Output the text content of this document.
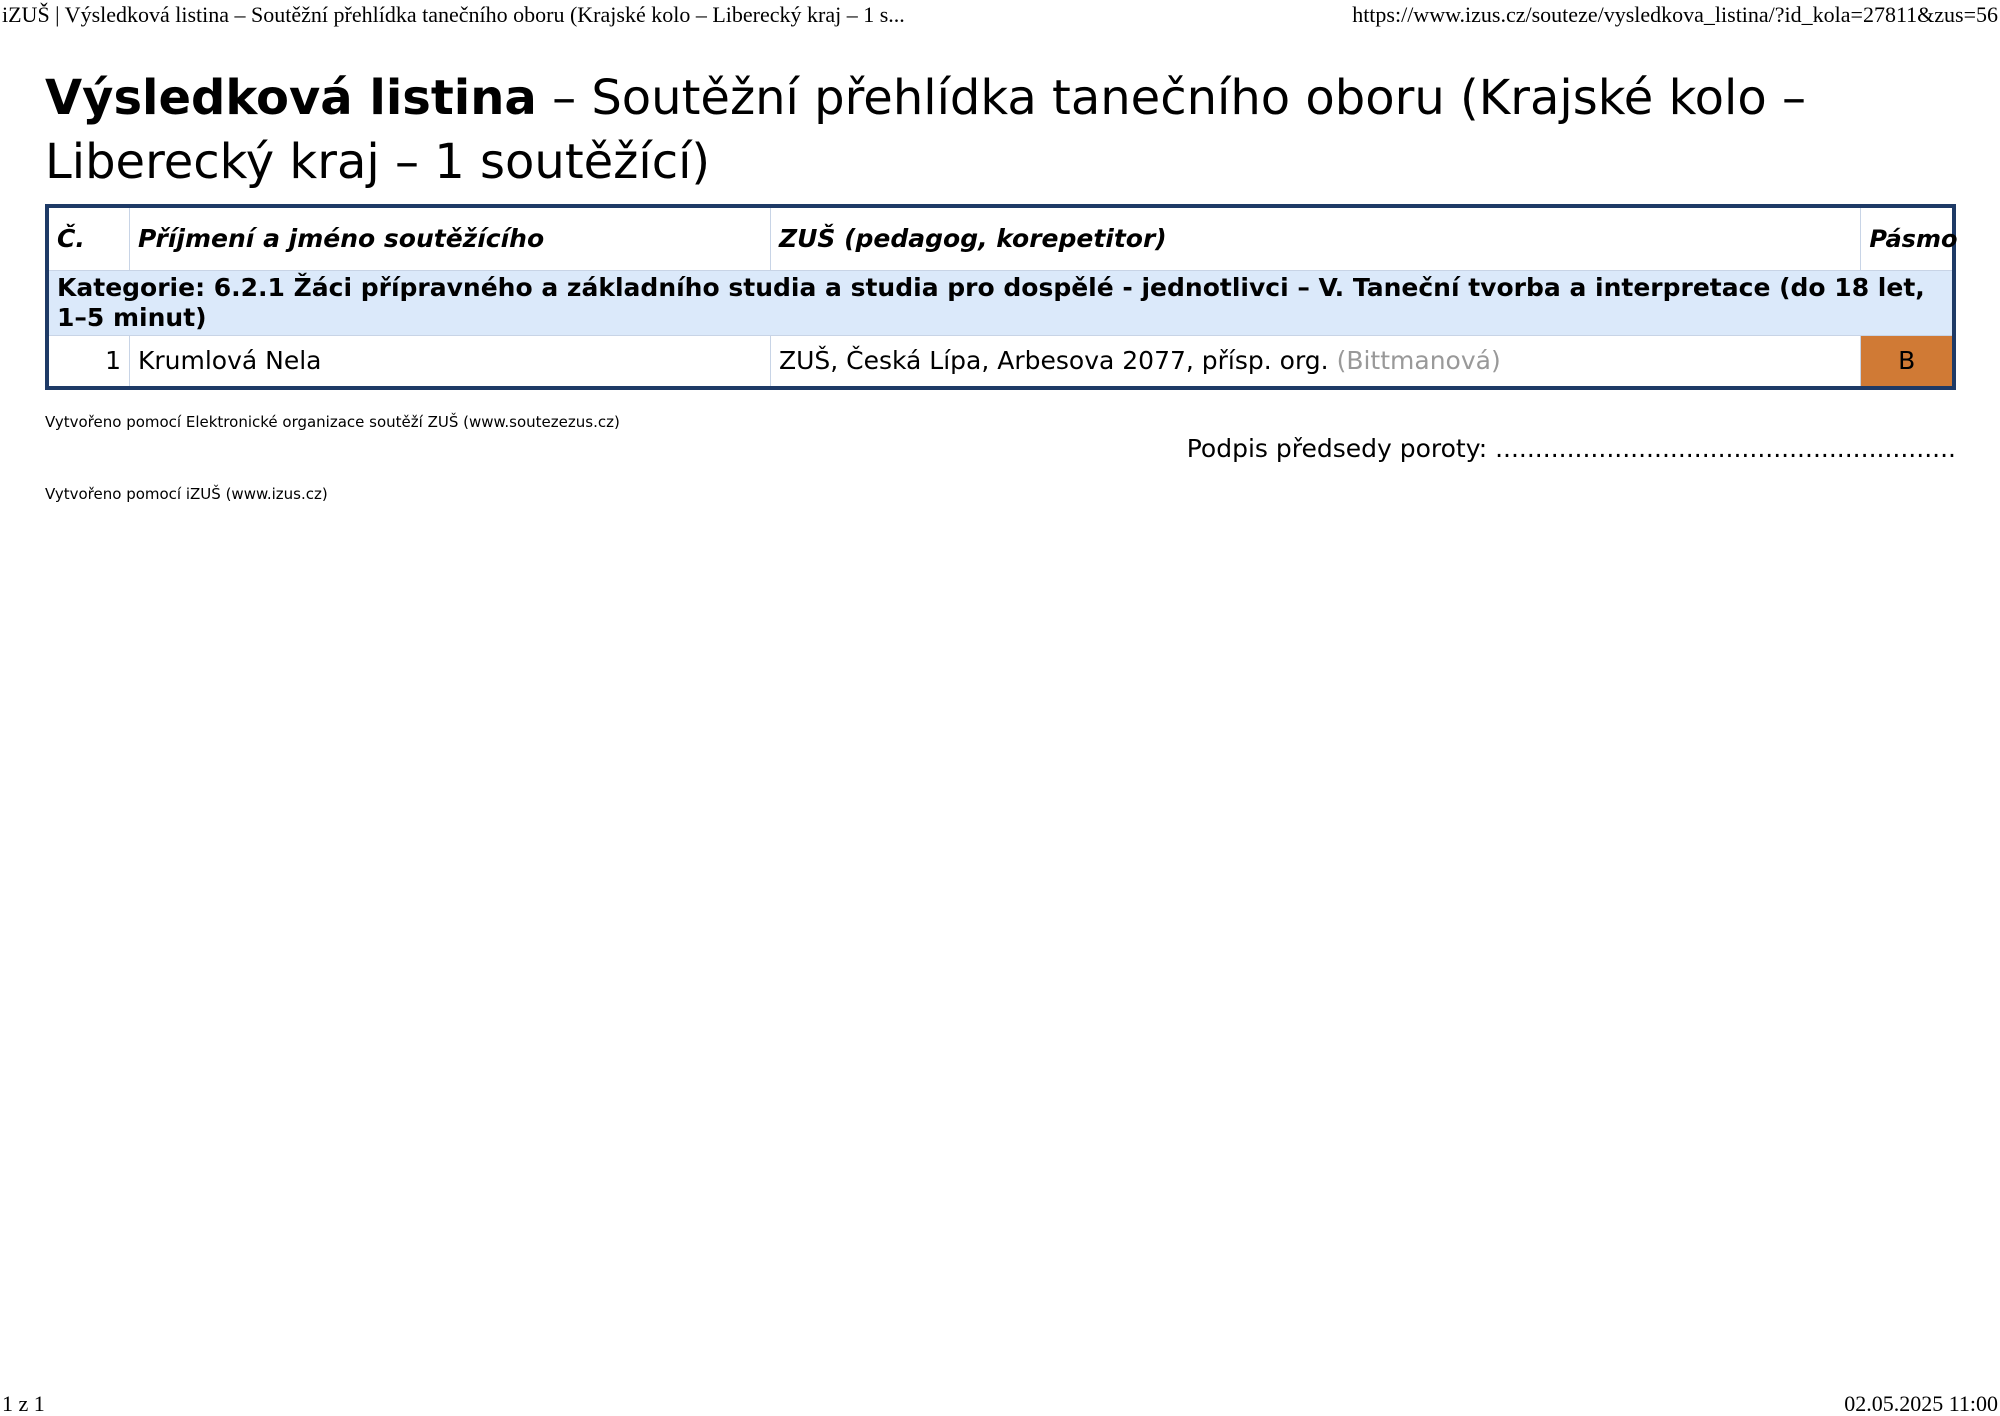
iZUŠ | Výsledková listina – Soutěžní přehlídka tanečního oboru (Krajské kolo – Liberecký kraj – 1 s...	https://www.izus.cz/souteze/vysledkova_listina/?id_kola=27811&zus=56
Výsledková listina – Soutěžní přehlídka tanečního oboru (Krajské kolo – Liberecký kraj – 1 soutěžící)
Č.	Příjmení a jméno soutěžícího	ZUŠ (pedagog, korepetitor)	Pásmo
Kategorie: 6.2.1 Žáci přípravného a základního studia a studia pro dospělé - jednotlivci – V. Taneční tvorba a interpretace (do 18 let, 1–5 minut)			
1	Krumlová Nela	ZUŠ, Česká Lípa, Arbesova 2077, přísp. org. (Bittmanová)	B
Vytvořeno pomocí Elektronické organizace soutěží ZUŠ (www.soutezezus.cz)
Vytvořeno pomocí iZUŠ (www.izus.cz)
Podpis předsedy poroty: ..........................................................
1 z 1	02.05.2025 11:00
